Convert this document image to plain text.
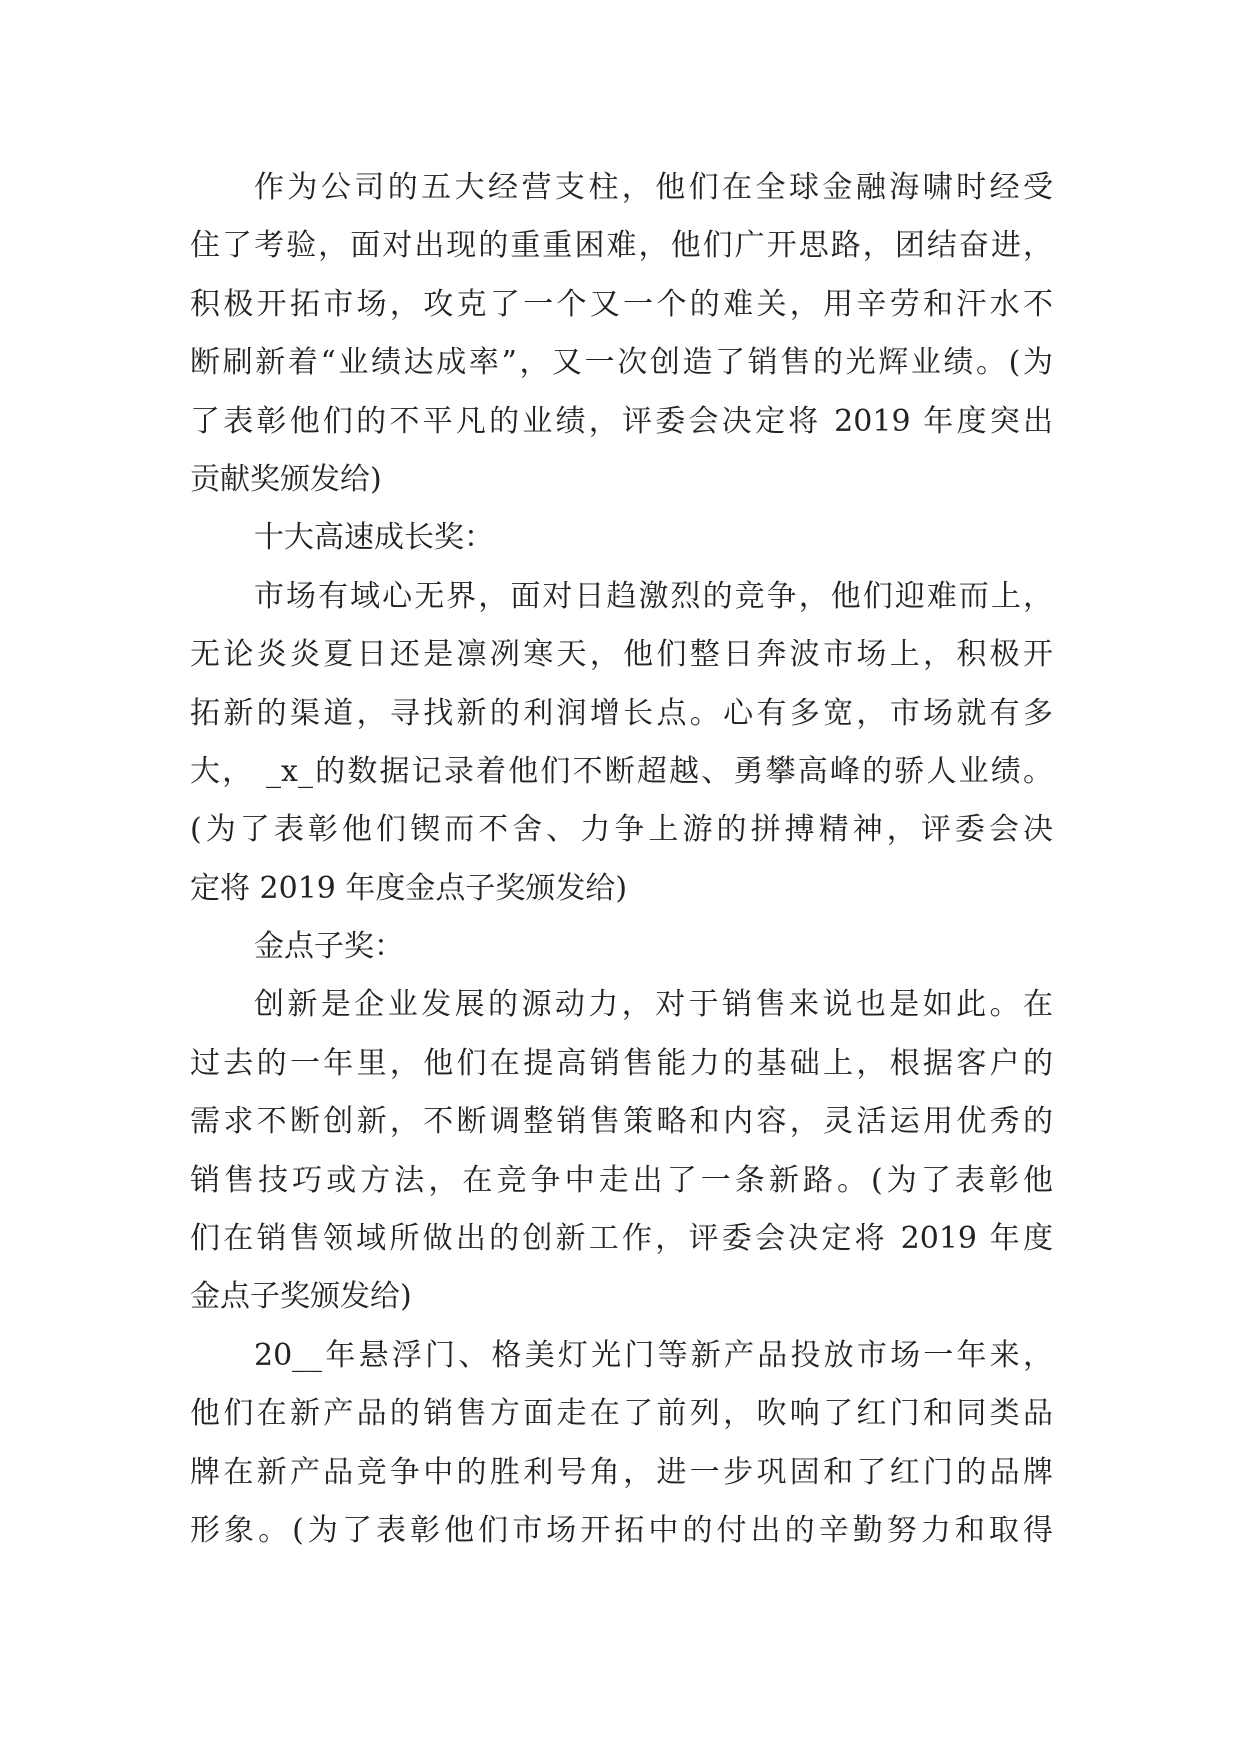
作为公司的五大经营支柱，他们在全球金融海啸时经受
住了考验，面对出现的重重困难，他们广开思路，团结奋进，
积极开拓市场，攻克了一个又一个的难关，用辛劳和汗水不
断刷新着“业绩达成率”，又一次创造了销售的光辉业绩。(为
了表彰他们的不平凡的业绩，评委会决定将 2019 年度突出
贡献奖颁发给)
十大高速成长奖：
市场有域心无界，面对日趋激烈的竞争，他们迎难而上，
无论炎炎夏日还是凛冽寒天，他们整日奔波市场上，积极开
拓新的渠道，寻找新的利润增长点。心有多宽，市场就有多
大， _x_的数据记录着他们不断超越、勇攀高峰的骄人业绩。
(为了表彰他们锲而不舍、力争上游的拼搏精神，评委会决
定将 2019 年度金点子奖颁发给)
金点子奖：
创新是企业发展的源动力，对于销售来说也是如此。在
过去的一年里，他们在提高销售能力的基础上，根据客户的
需求不断创新，不断调整销售策略和内容，灵活运用优秀的
销售技巧或方法，在竞争中走出了一条新路。(为了表彰他
们在销售领域所做出的创新工作，评委会决定将 2019 年度
金点子奖颁发给)
20__年悬浮门、格美灯光门等新产品投放市场一年来，
他们在新产品的销售方面走在了前列，吹响了红门和同类品
牌在新产品竞争中的胜利号角，进一步巩固和了红门的品牌
形象。(为了表彰他们市场开拓中的付出的辛勤努力和取得
